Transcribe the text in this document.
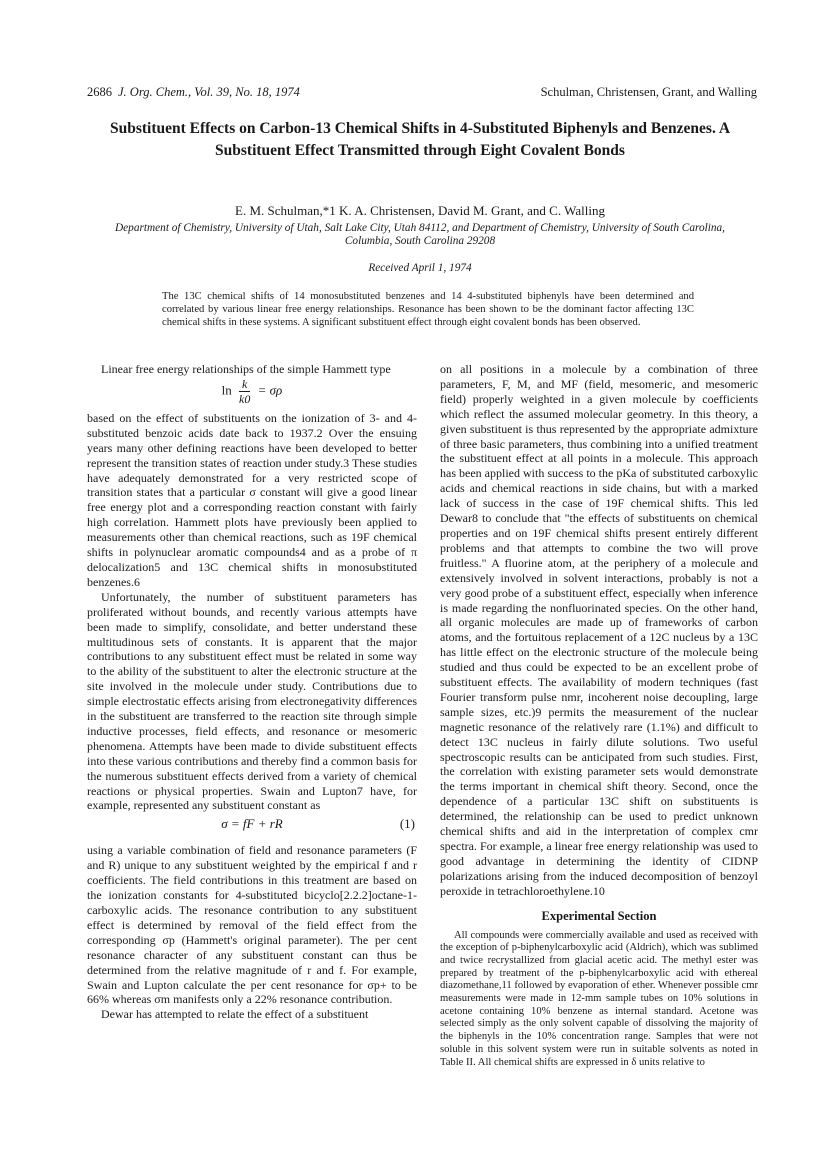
2686 J. Org. Chem., Vol. 39, No. 18, 1974	Schulman, Christensen, Grant, and Walling
Substituent Effects on Carbon-13 Chemical Shifts in 4-Substituted Biphenyls and Benzenes. A Substituent Effect Transmitted through Eight Covalent Bonds
E. M. Schulman,*1 K. A. Christensen, David M. Grant, and C. Walling
Department of Chemistry, University of Utah, Salt Lake City, Utah 84112, and Department of Chemistry, University of South Carolina, Columbia, South Carolina 29208
Received April 1, 1974
The 13C chemical shifts of 14 monosubstituted benzenes and 14 4-substituted biphenyls have been determined and correlated by various linear free energy relationships. Resonance has been shown to be the dominant factor affecting 13C chemical shifts in these systems. A significant substituent effect through eight covalent bonds has been observed.

Linear free energy relationships of the simple Hammett type

$\ln \frac{k}{k0} = \sigma\rho$

based on the effect of substituents on the ionization of 3- and 4-substituted benzoic acids date back to 1937.2 Over the ensuing years many other defining reactions have been developed to better represent the transition states of reaction under study.3 These studies have adequately demonstrated for a very restricted scope of transition states that a particular σ constant will give a good linear free energy plot and a corresponding reaction constant with fairly high correlation. Hammett plots have previously been applied to measurements other than chemical reactions, such as 19F chemical shifts in polynuclear aromatic compounds4 and as a probe of π delocalization5 and 13C chemical shifts in monosubstituted benzenes.6

Unfortunately, the number of substituent parameters has proliferated without bounds, and recently various attempts have been made to simplify, consolidate, and better understand these multitudinous sets of constants. It is apparent that the major contributions to any substituent effect must be related in some way to the ability of the substituent to alter the electronic structure at the site involved in the molecule under study. Contributions due to simple electrostatic effects arising from electronegativity differences in the substituent are transferred to the reaction site through simple inductive processes, field effects, and resonance or mesomeric phenomena. Attempts have been made to divide substituent effects into these various contributions and thereby find a common basis for the numerous substituent effects derived from a variety of chemical reactions or physical properties. Swain and Lupton7 have, for example, represented any substituent constant as

σ = fF + rR	(1)

using a variable combination of field and resonance parameters (F and R) unique to any substituent weighted by the empirical f and r coefficients. The field contributions in this treatment are based on the ionization constants for 4-substituted bicyclo[2.2.2]octane-1-carboxylic acids. The resonance contribution to any substituent effect is determined by removal of the field effect from the corresponding σp (Hammett's original parameter). The per cent resonance character of any substituent constant can thus be determined from the relative magnitude of r and f. For example, Swain and Lupton calculate the per cent resonance for σp+ to be 66% whereas σm manifests only a 22% resonance contribution.

Dewar has attempted to relate the effect of a substituent

on all positions in a molecule by a combination of three parameters, F, M, and MF (field, mesomeric, and mesomeric field) properly weighted in a given molecule by coefficients which reflect the assumed molecular geometry. In this theory, a given substituent is thus represented by the appropriate admixture of three basic parameters, thus combining into a unified treatment the substituent effect at all points in a molecule. This approach has been applied with success to the pKa of substituted carboxylic acids and chemical reactions in side chains, but with a marked lack of success in the case of 19F chemical shifts. This led Dewar8 to conclude that "the effects of substituents on chemical properties and on 19F chemical shifts present entirely different problems and that attempts to combine the two will prove fruitless." A fluorine atom, at the periphery of a molecule and extensively involved in solvent interactions, probably is not a very good probe of a substituent effect, especially when inference is made regarding the nonfluorinated species. On the other hand, all organic molecules are made up of frameworks of carbon atoms, and the fortuitous replacement of a 12C nucleus by a 13C has little effect on the electronic structure of the molecule being studied and thus could be expected to be an excellent probe of substituent effects. The availability of modern techniques (fast Fourier transform pulse nmr, incoherent noise decoupling, large sample sizes, etc.)9 permits the measurement of the nuclear magnetic resonance of the relatively rare (1.1%) and difficult to detect 13C nucleus in fairly dilute solutions. Two useful spectroscopic results can be anticipated from such studies. First, the correlation with existing parameter sets would demonstrate the terms important in chemical shift theory. Second, once the dependence of a particular 13C shift on substituents is determined, the relationship can be used to predict unknown chemical shifts and aid in the interpretation of complex cmr spectra. For example, a linear free energy relationship was used to good advantage in determining the identity of CIDNP polarizations arising from the induced decomposition of benzoyl peroxide in tetrachloroethylene.10

Experimental Section

All compounds were commercially available and used as received with the exception of p-biphenylcarboxylic acid (Aldrich), which was sublimed and twice recrystallized from glacial acetic acid. The methyl ester was prepared by treatment of the p-biphenylcarboxylic acid with ethereal diazomethane,11 followed by evaporation of ether. Whenever possible cmr measurements were made in 12-mm sample tubes on 10% solutions in acetone containing 10% benzene as internal standard. Acetone was selected simply as the only solvent capable of dissolving the majority of the biphenyls in the 10% concentration range. Samples that were not soluble in this solvent system were run in suitable solvents as noted in Table II. All chemical shifts are expressed in δ units relative to
